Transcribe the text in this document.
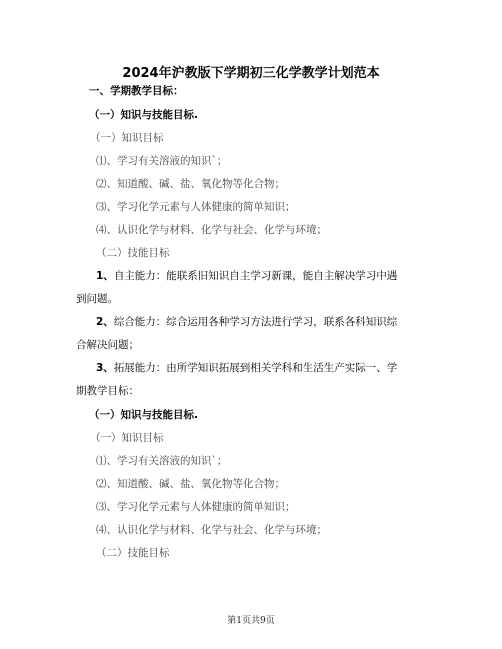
2024年沪教版下学期初三化学教学计划范本
一、学期教学目标：
（一）知识与技能目标.
（一）知识目标
⑴、学习有关溶液的知识`；
⑵、知道酸、碱、盐、氧化物等化合物；
⑶、学习化学元素与人体健康的简单知识；
⑷、认识化学与材料、化学与社会、化学与环境；
（二）技能目标
1、自主能力：能联系旧知识自主学习新课，能自主解决学习中遇
到问题。
2、综合能力：综合运用各种学习方法进行学习，联系各科知识综
合解决问题；
3、拓展能力：由所学知识拓展到相关学科和生活生产实际一、学
期教学目标：
（一）知识与技能目标.
（一）知识目标
⑴、学习有关溶液的知识`；
⑵、知道酸、碱、盐、氧化物等化合物；
⑶、学习化学元素与人体健康的简单知识；
⑷、认识化学与材料、化学与社会、化学与环境；
（二）技能目标
第1页共9页
